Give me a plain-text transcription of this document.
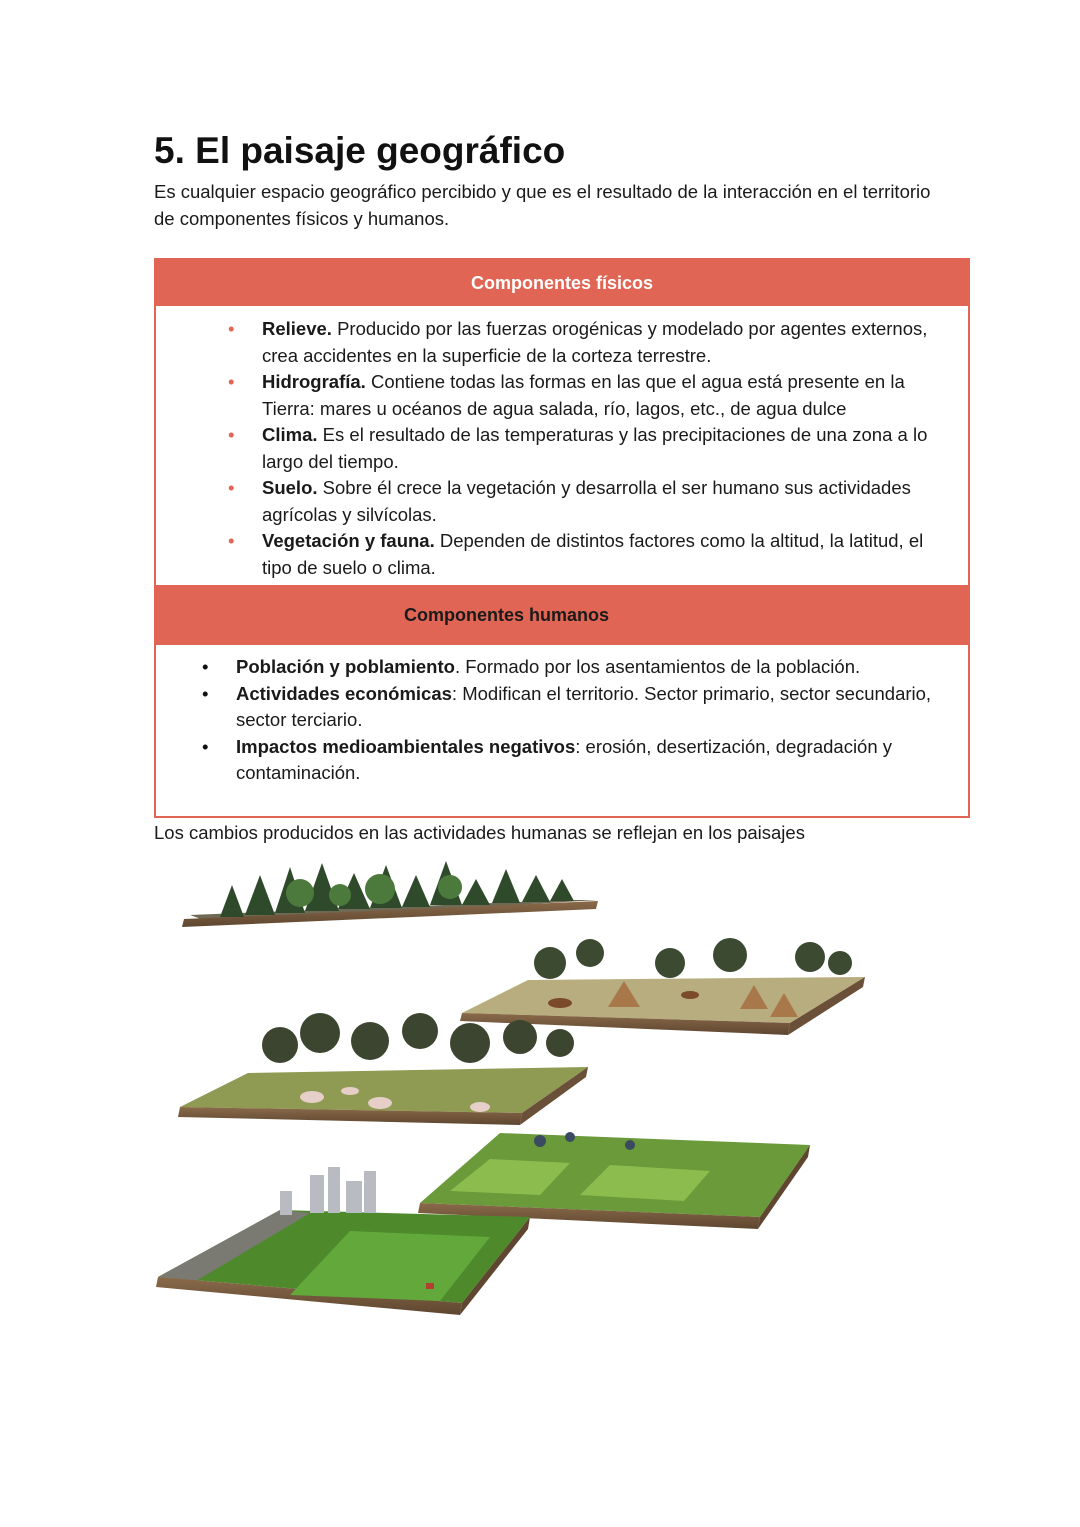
5. El paisaje geográfico

Es cualquier espacio geográfico percibido y que es el resultado de la interacción en el territorio de componentes físicos y humanos.

Componentes físicos
• Relieve. Producido por las fuerzas orogénicas y modelado por agentes externos, crea accidentes en la superficie de la corteza terrestre.
• Hidrografía. Contiene todas las formas en las que el agua está presente en la Tierra: mares u océanos de agua salada, río, lagos, etc., de agua dulce
• Clima. Es el resultado de las temperaturas y las precipitaciones de una zona a lo largo del tiempo.
• Suelo. Sobre él crece la vegetación y desarrolla el ser humano sus actividades agrícolas y silvícolas.
• Vegetación y fauna. Dependen de distintos factores como la altitud, la latitud, el tipo de suelo o clima.
Componentes humanos
• Población y poblamiento. Formado por los asentamientos de la población.
• Actividades económicas: Modifican el territorio. Sector primario, sector secundario, sector terciario.
• Impactos medioambientales negativos: erosión, desertización, degradación y contaminación.

Los cambios producidos en las actividades humanas se reflejan en los paisajes
